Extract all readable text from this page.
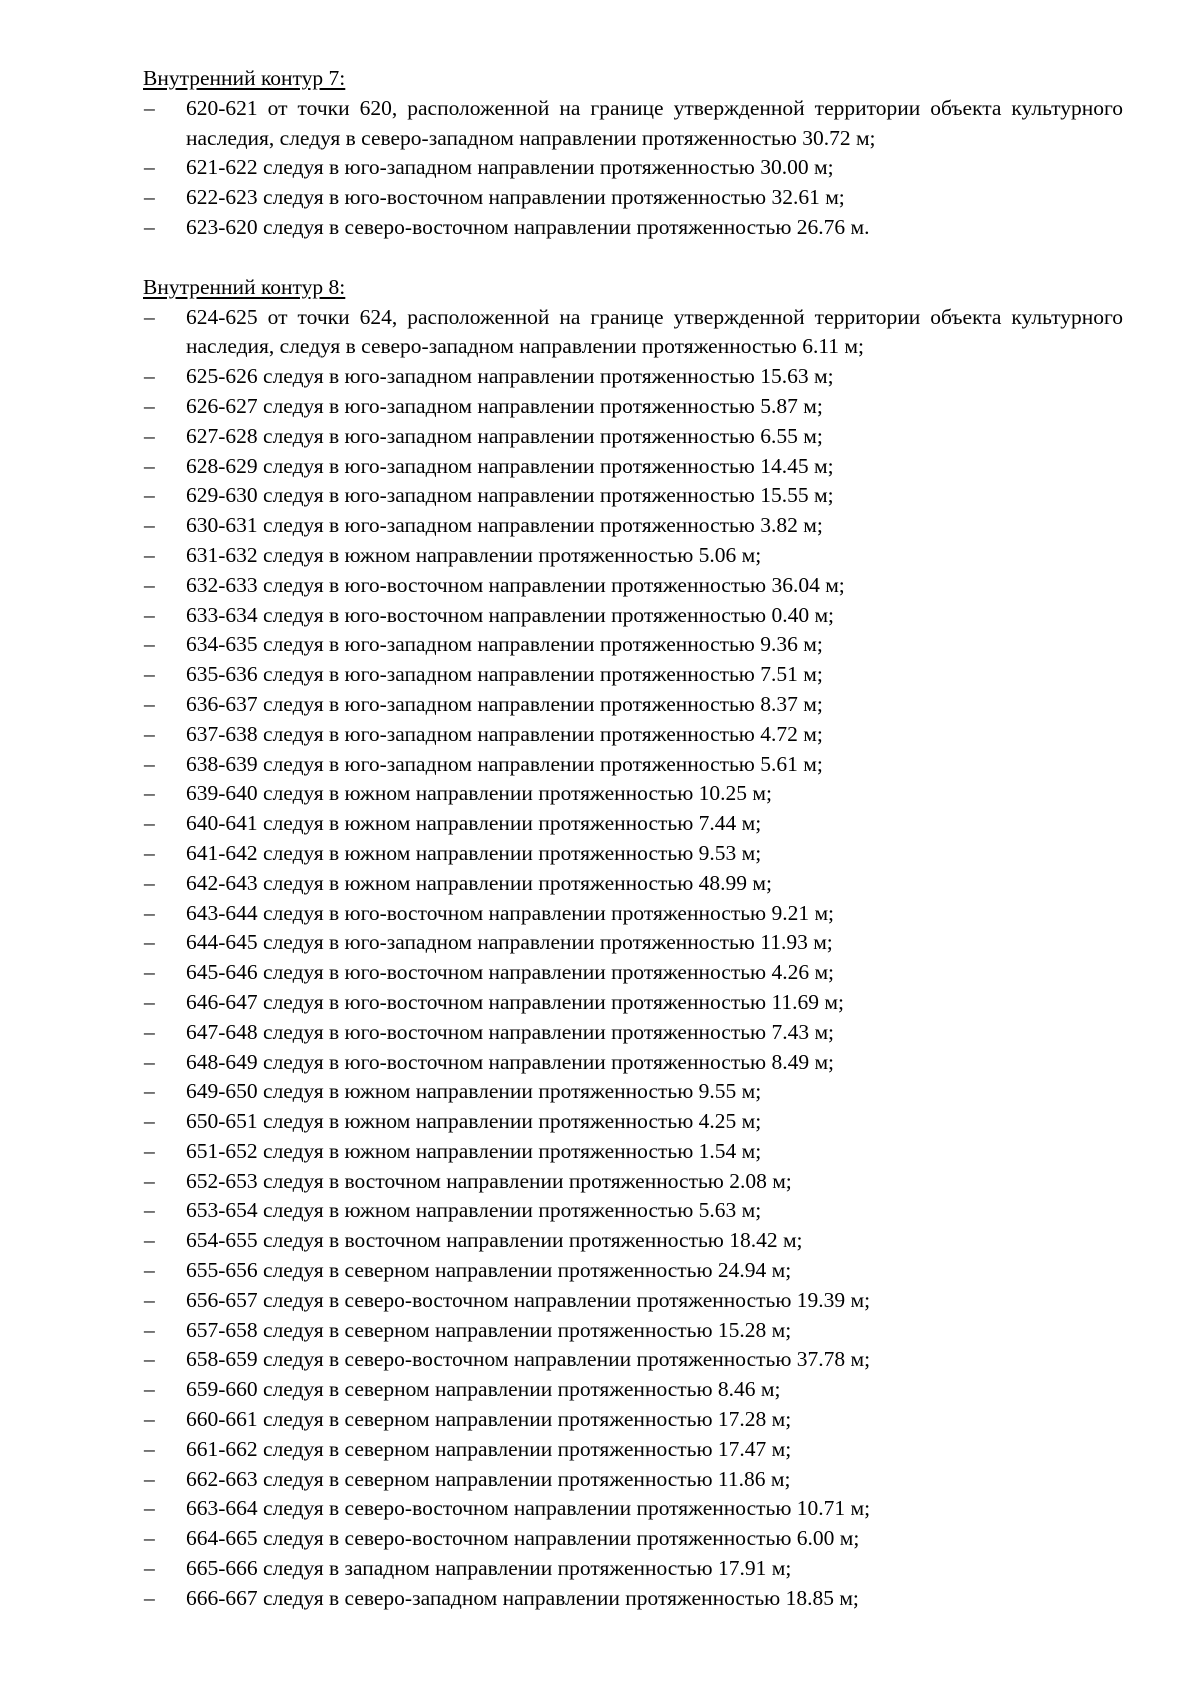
Внутренний контур 7:

– 620-621 от точки 620, расположенной на границе утвержденной территории объекта культурного наследия, следуя в северо-западном направлении протяженностью 30.72 м;
– 621-622 следуя в юго-западном направлении протяженностью 30.00 м;
– 622-623 следуя в юго-восточном направлении протяженностью 32.61 м;
– 623-620 следуя в северо-восточном направлении протяженностью 26.76 м.

Внутренний контур 8:

– 624-625 от точки 624, расположенной на границе утвержденной территории объекта культурного наследия, следуя в северо-западном направлении протяженностью 6.11 м;
– 625-626 следуя в юго-западном направлении протяженностью 15.63 м;
– 626-627 следуя в юго-западном направлении протяженностью 5.87 м;
– 627-628 следуя в юго-западном направлении протяженностью 6.55 м;
– 628-629 следуя в юго-западном направлении протяженностью 14.45 м;
– 629-630 следуя в юго-западном направлении протяженностью 15.55 м;
– 630-631 следуя в юго-западном направлении протяженностью 3.82 м;
– 631-632 следуя в южном направлении протяженностью 5.06 м;
– 632-633 следуя в юго-восточном направлении протяженностью 36.04 м;
– 633-634 следуя в юго-восточном направлении протяженностью 0.40 м;
– 634-635 следуя в юго-западном направлении протяженностью 9.36 м;
– 635-636 следуя в юго-западном направлении протяженностью 7.51 м;
– 636-637 следуя в юго-западном направлении протяженностью 8.37 м;
– 637-638 следуя в юго-западном направлении протяженностью 4.72 м;
– 638-639 следуя в юго-западном направлении протяженностью 5.61 м;
– 639-640 следуя в южном направлении протяженностью 10.25 м;
– 640-641 следуя в южном направлении протяженностью 7.44 м;
– 641-642 следуя в южном направлении протяженностью 9.53 м;
– 642-643 следуя в южном направлении протяженностью 48.99 м;
– 643-644 следуя в юго-восточном направлении протяженностью 9.21 м;
– 644-645 следуя в юго-западном направлении протяженностью 11.93 м;
– 645-646 следуя в юго-восточном направлении протяженностью 4.26 м;
– 646-647 следуя в юго-восточном направлении протяженностью 11.69 м;
– 647-648 следуя в юго-восточном направлении протяженностью 7.43 м;
– 648-649 следуя в юго-восточном направлении протяженностью 8.49 м;
– 649-650 следуя в южном направлении протяженностью 9.55 м;
– 650-651 следуя в южном направлении протяженностью 4.25 м;
– 651-652 следуя в южном направлении протяженностью 1.54 м;
– 652-653 следуя в восточном направлении протяженностью 2.08 м;
– 653-654 следуя в южном направлении протяженностью 5.63 м;
– 654-655 следуя в восточном направлении протяженностью 18.42 м;
– 655-656 следуя в северном направлении протяженностью 24.94 м;
– 656-657 следуя в северо-восточном направлении протяженностью 19.39 м;
– 657-658 следуя в северном направлении протяженностью 15.28 м;
– 658-659 следуя в северо-восточном направлении протяженностью 37.78 м;
– 659-660 следуя в северном направлении протяженностью 8.46 м;
– 660-661 следуя в северном направлении протяженностью 17.28 м;
– 661-662 следуя в северном направлении протяженностью 17.47 м;
– 662-663 следуя в северном направлении протяженностью 11.86 м;
– 663-664 следуя в северо-восточном направлении протяженностью 10.71 м;
– 664-665 следуя в северо-восточном направлении протяженностью 6.00 м;
– 665-666 следуя в западном направлении протяженностью 17.91 м;
– 666-667 следуя в северо-западном направлении протяженностью 18.85 м;
